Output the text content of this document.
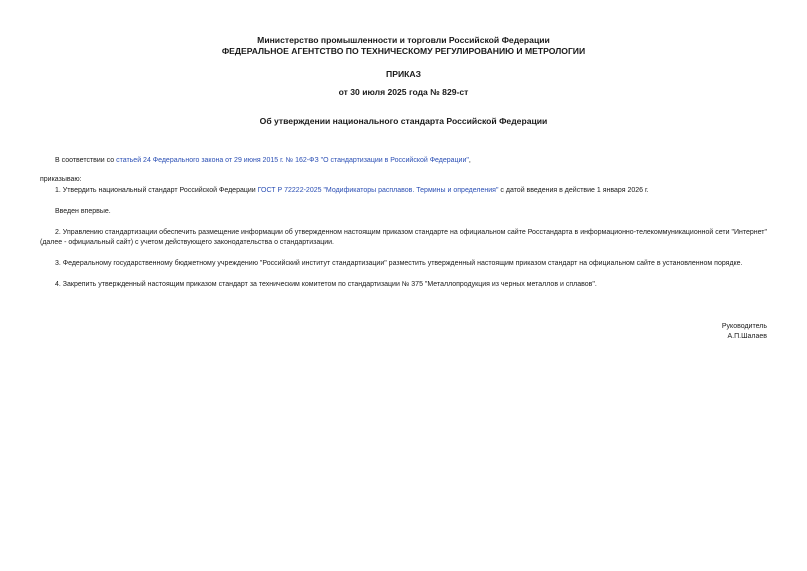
Министерство промышленности и торговли Российской Федерации

ФЕДЕРАЛЬНОЕ АГЕНТСТВО ПО ТЕХНИЧЕСКОМУ РЕГУЛИРОВАНИЮ И МЕТРОЛОГИИ

ПРИКАЗ

от 30 июля 2025 года № 829-ст

Об утверждении национального стандарта Российской Федерации

В соответствии со статьей 24 Федерального закона от 29 июня 2015 г. № 162-ФЗ "О стандартизации в Российской Федерации",

приказываю:

1. Утвердить национальный стандарт Российской Федерации ГОСТ Р 72222-2025 "Модификаторы расплавов. Термины и определения" с датой введения в действие 1 января 2026 г.

Введен впервые.

2. Управлению стандартизации обеспечить размещение информации об утвержденном настоящим приказом стандарте на официальном сайте Росстандарта в информационно-телекоммуникационной сети "Интернет" (далее - официальный сайт) с учетом действующего законодательства о стандартизации.

3. Федеральному государственному бюджетному учреждению "Российский институт стандартизации" разместить утвержденный настоящим приказом стандарт на официальном сайте в установленном порядке.

4. Закрепить утвержденный настоящим приказом стандарт за техническим комитетом по стандартизации № 375 "Металлопродукция из черных металлов и сплавов".

Руководитель

А.П.Шалаев
